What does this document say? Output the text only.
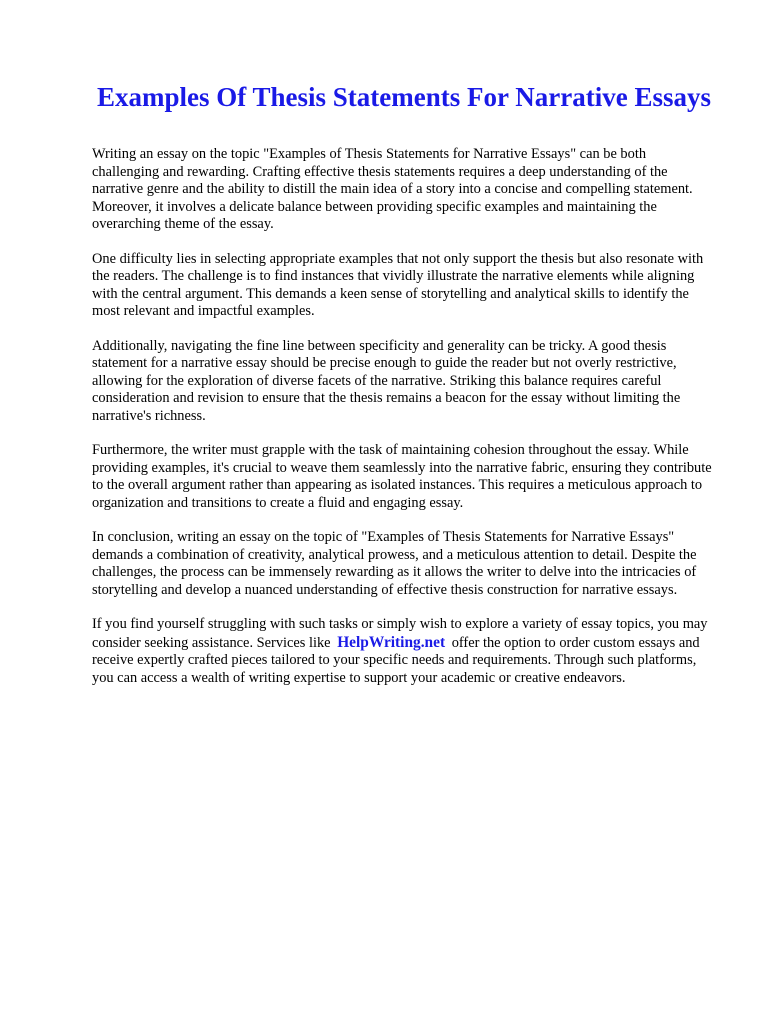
Examples Of Thesis Statements For Narrative Essays

Writing an essay on the topic "Examples of Thesis Statements for Narrative Essays" can be both challenging and rewarding. Crafting effective thesis statements requires a deep understanding of the narrative genre and the ability to distill the main idea of a story into a concise and compelling statement. Moreover, it involves a delicate balance between providing specific examples and maintaining the overarching theme of the essay.

One difficulty lies in selecting appropriate examples that not only support the thesis but also resonate with the readers. The challenge is to find instances that vividly illustrate the narrative elements while aligning with the central argument. This demands a keen sense of storytelling and analytical skills to identify the most relevant and impactful examples.

Additionally, navigating the fine line between specificity and generality can be tricky. A good thesis statement for a narrative essay should be precise enough to guide the reader but not overly restrictive, allowing for the exploration of diverse facets of the narrative. Striking this balance requires careful consideration and revision to ensure that the thesis remains a beacon for the essay without limiting the narrative's richness.

Furthermore, the writer must grapple with the task of maintaining cohesion throughout the essay. While providing examples, it's crucial to weave them seamlessly into the narrative fabric, ensuring they contribute to the overall argument rather than appearing as isolated instances. This requires a meticulous approach to organization and transitions to create a fluid and engaging essay.

In conclusion, writing an essay on the topic of "Examples of Thesis Statements for Narrative Essays" demands a combination of creativity, analytical prowess, and a meticulous attention to detail. Despite the challenges, the process can be immensely rewarding as it allows the writer to delve into the intricacies of storytelling and develop a nuanced understanding of effective thesis construction for narrative essays.

If you find yourself struggling with such tasks or simply wish to explore a variety of essay topics, you may consider seeking assistance. Services like HelpWriting.net offer the option to order custom essays and receive expertly crafted pieces tailored to your specific needs and requirements. Through such platforms, you can access a wealth of writing expertise to support your academic or creative endeavors.
